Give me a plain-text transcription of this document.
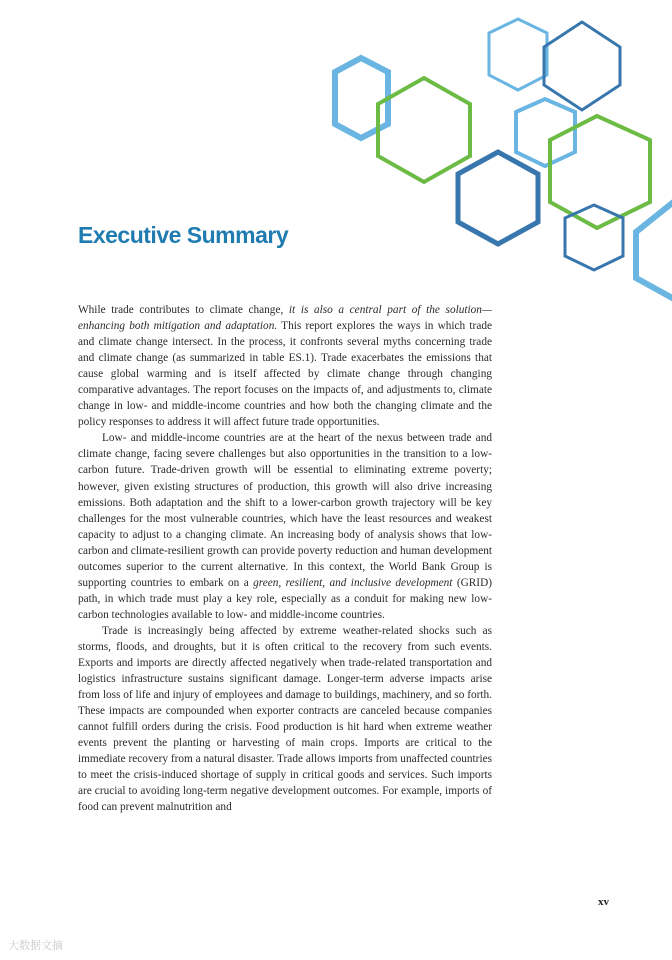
Executive Summary

While trade contributes to climate change, it is also a central part of the solution—enhancing both mitigation and adaptation. This report explores the ways in which trade and climate change intersect. In the process, it confronts several myths concerning trade and climate change (as summarized in table ES.1). Trade exacerbates the emissions that cause global warming and is itself affected by climate change through changing comparative advantages. The report focuses on the impacts of, and adjustments to, climate change in low- and middle-income countries and how both the changing climate and the policy responses to address it will affect future trade opportunities.

Low- and middle-income countries are at the heart of the nexus between trade and climate change, facing severe challenges but also opportunities in the transition to a low-carbon future. Trade-driven growth will be essential to eliminating extreme poverty; however, given existing structures of production, this growth will also drive increasing emissions. Both adaptation and the shift to a lower-carbon growth trajectory will be key challenges for the most vulnerable countries, which have the least resources and weakest capacity to adjust to a changing climate. An increasing body of analysis shows that low-carbon and climate-resilient growth can provide poverty reduction and human development outcomes superior to the current alternative. In this context, the World Bank Group is supporting countries to embark on a green, resilient, and inclusive development (GRID) path, in which trade must play a key role, especially as a conduit for making new low-carbon technologies available to low- and middle-income countries.

Trade is increasingly being affected by extreme weather-related shocks such as storms, floods, and droughts, but it is often critical to the recovery from such events. Exports and imports are directly affected negatively when trade-related transportation and logistics infrastructure sustains significant damage. Longer-term adverse impacts arise from loss of life and injury of employees and damage to buildings, machinery, and so forth. These impacts are compounded when exporter contracts are canceled because companies cannot fulfill orders during the crisis. Food production is hit hard when extreme weather events prevent the planting or harvesting of main crops. Imports are critical to the immediate recovery from a natural disaster. Trade allows imports from unaffected countries to meet the crisis-induced shortage of supply in critical goods and services. Such imports are crucial to avoiding long-term negative development outcomes. For example, imports of food can prevent malnutrition and

xv
大数据文摘
